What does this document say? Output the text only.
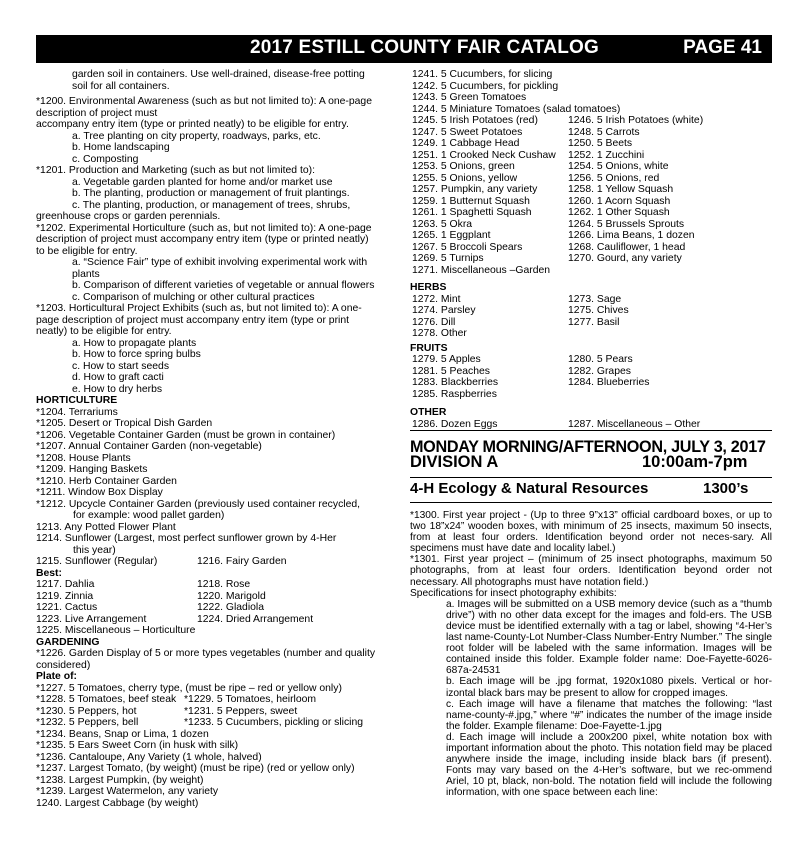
2017 ESTILL COUNTY FAIR CATALOG	PAGE 41
garden soil in containers. Use well-drained, disease-free potting
soil for all containers.
*1200. Environmental Awareness (such as but not limited to): A one-page
description of project must
accompany entry item (type or printed neatly) to be eligible for entry.
a. Tree planting on city property, roadways, parks, etc.
b. Home landscaping
c. Composting
*1201. Production and Marketing (such as but not limited to):
a. Vegetable garden planted for home and/or market use
b. The planting, production or management of fruit plantings.
c. The planting, production, or management of trees, shrubs,
greenhouse crops or garden perennials.
*1202. Experimental Horticulture (such as, but not limited to): A one-page
description of project must accompany entry item (type or printed neatly)
to be eligible for entry.
a. “Science Fair” type of exhibit involving experimental work with
plants
b. Comparison of different varieties of vegetable or annual flowers
c. Comparison of mulching or other cultural practices
*1203. Horticultural Project Exhibits (such as, but not limited to): A one-
page description of project must accompany entry item (type or print
neatly) to be eligible for entry.
a. How to propagate plants
b. How to force spring bulbs
c. How to start seeds
d. How to graft cacti
e. How to dry herbs
HORTICULTURE
*1204. Terrariums
*1205. Desert or Tropical Dish Garden
*1206. Vegetable Container Garden (must be grown in container)
*1207. Annual Container Garden (non-vegetable)
*1208. House Plants
*1209. Hanging Baskets
*1210. Herb Container Garden
*1211. Window Box Display
*1212. Upcycle Container Garden (previously used container recycled,
for example: wood pallet garden)
1213. Any Potted Flower Plant
1214. Sunflower (Largest, most perfect sunflower grown by 4-Her
this year)
1215. Sunflower (Regular)	1216. Fairy Garden
Best:
1217. Dahlia	1218. Rose
1219. Zinnia	1220. Marigold
1221. Cactus	1222. Gladiola
1223. Live Arrangement	1224. Dried Arrangement
1225. Miscellaneous – Horticulture
GARDENING
*1226. Garden Display of 5 or more types vegetables (number and quality
considered)
Plate of:
*1227. 5 Tomatoes, cherry type, (must be ripe – red or yellow only)
*1228. 5 Tomatoes, beef steak *1229. 5 Tomatoes, heirloom
*1230. 5 Peppers, hot	*1231. 5 Peppers, sweet
*1232. 5 Peppers, bell	*1233. 5 Cucumbers, pickling or slicing
*1234. Beans, Snap or Lima, 1 dozen
*1235. 5 Ears Sweet Corn (in husk with silk)
*1236. Cantaloupe, Any Variety (1 whole, halved)
*1237. Largest Tomato, (by weight) (must be ripe) (red or yellow only)
*1238. Largest Pumpkin, (by weight)
*1239. Largest Watermelon, any variety
1240. Largest Cabbage (by weight)
1241. 5 Cucumbers, for slicing
1242. 5 Cucumbers, for pickling
1243. 5 Green Tomatoes
1244. 5 Miniature Tomatoes (salad tomatoes)
1245. 5 Irish Potatoes (red)	1246. 5 Irish Potatoes (white)
1247. 5 Sweet Potatoes	1248. 5 Carrots
1249. 1 Cabbage Head	1250. 5 Beets
1251. 1 Crooked Neck Cushaw 1252. 1 Zucchini
1253. 5 Onions, green	1254. 5 Onions, white
1255. 5 Onions, yellow	1256. 5 Onions, red
1257. Pumpkin, any variety	1258. 1 Yellow Squash
1259. 1 Butternut Squash	1260. 1 Acorn Squash
1261. 1 Spaghetti Squash	1262. 1 Other Squash
1263. 5 Okra	1264. 5 Brussels Sprouts
1265. 1 Eggplant	1266. Lima Beans, 1 dozen
1267. 5 Broccoli Spears	1268. Cauliflower, 1 head
1269. 5 Turnips	1270. Gourd, any variety
1271. Miscellaneous –Garden
HERBS
1272. Mint	1273. Sage
1274. Parsley	1275. Chives
1276. Dill	1277. Basil
1278. Other
FRUITS
1279. 5 Apples	1280. 5 Pears
1281. 5 Peaches	1282. Grapes
1283. Blackberries	1284. Blueberries
1285. Raspberries
OTHER
1286. Dozen Eggs	1287. Miscellaneous – Other
MONDAY MORNING/AFTERNOON, JULY 3, 2017
DIVISION A	10:00am-7pm
4-H Ecology & Natural Resources	1300’s
*1300. First year project - (Up to three 9”x13” official cardboard boxes, or up to two 18”x24” wooden boxes, with minimum of 25 insects, maximum 50 insects, from at least four orders. Identification beyond order not neces-sary. All specimens must have date and locality label.)
*1301. First year project – (minimum of 25 insect photographs, maximum 50 photographs, from at least four orders. Identification beyond order not necessary. All photographs must have notation field.)
Specifications for insect photography exhibits:
a. Images will be submitted on a USB memory device (such as a “thumb drive”) with no other data except for the images and fold-ers. The USB device must be identified externally with a tag or label, showing “4-Her’s last name-County-Lot Number-Class Number-Entry Number.” The single root folder will be labeled with the same information. Images will be contained inside this folder. Example folder name: Doe-Fayette-6026-687a-24531
b. Each image will be .jpg format, 1920x1080 pixels. Vertical or hor-izontal black bars may be present to allow for cropped images.
c. Each image will have a filename that matches the following: “last name-county-#.jpg,” where “#” indicates the number of the image inside the folder. Example filename: Doe-Fayette-1.jpg
d. Each image will include a 200x200 pixel, white notation box with important information about the photo. This notation field may be placed anywhere inside the image, including inside black bars (if present). Fonts may vary based on the 4-Her’s software, but we rec-ommend Ariel, 10 pt, black, non-bold. The notation field will include the following information, with one space between each line:
